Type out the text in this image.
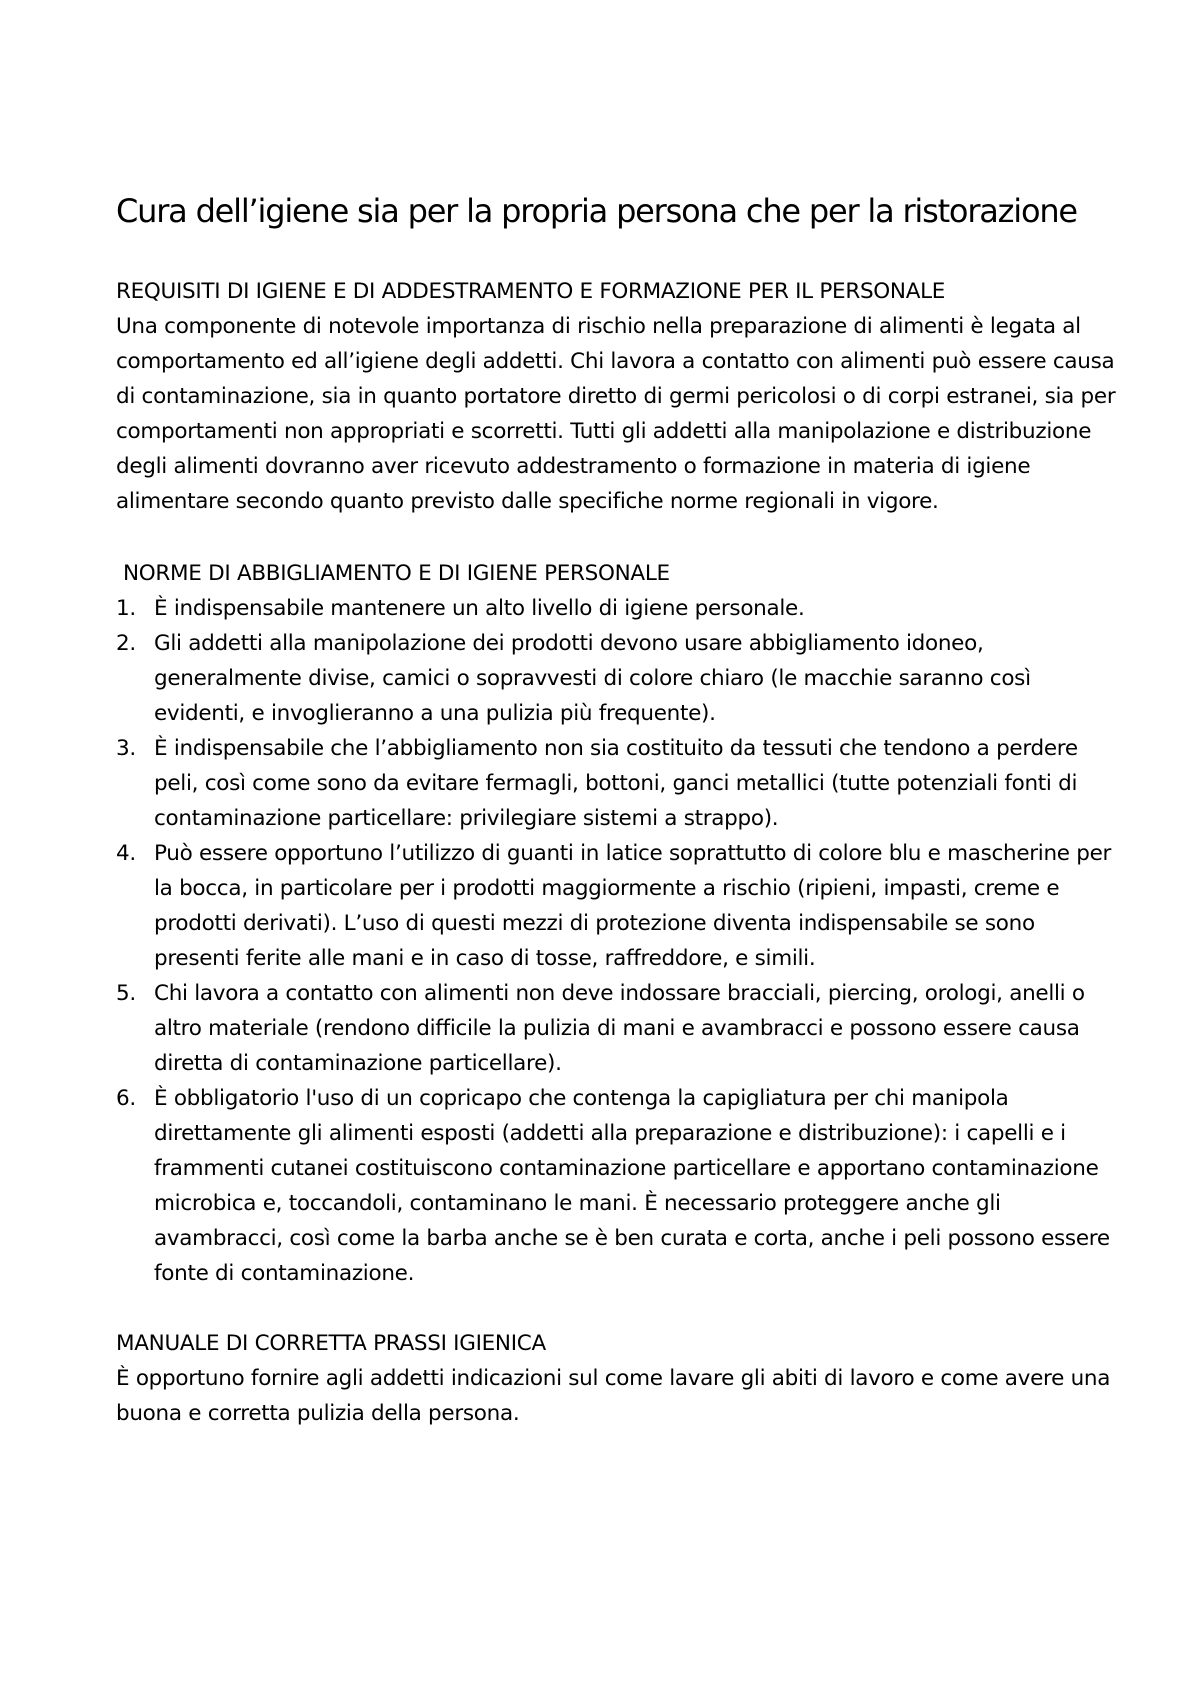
Cura dell’igiene sia per la propria persona che per la ristorazione
REQUISITI DI IGIENE E DI ADDESTRAMENTO E FORMAZIONE PER IL PERSONALE

Una componente di notevole importanza di rischio nella preparazione di alimenti è legata al comportamento ed all’igiene degli addetti. Chi lavora a contatto con alimenti può essere causa di contaminazione, sia in quanto portatore diretto di germi pericolosi o di corpi estranei, sia per comportamenti non appropriati e scorretti. Tutti gli addetti alla manipolazione e distribuzione degli alimenti dovranno aver ricevuto addestramento o formazione in materia di igiene alimentare secondo quanto previsto dalle specifiche norme regionali in vigore.

NORME DI ABBIGLIAMENTO E DI IGIENE PERSONALE
1. È indispensabile mantenere un alto livello di igiene personale.
2. Gli addetti alla manipolazione dei prodotti devono usare abbigliamento idoneo, generalmente divise, camici o sopravvesti di colore chiaro (le macchie saranno così evidenti, e invoglieranno a una pulizia più frequente).
3. È indispensabile che l’abbigliamento non sia costituito da tessuti che tendono a perdere peli, così come sono da evitare fermagli, bottoni, ganci metallici (tutte potenziali fonti di contaminazione particellare: privilegiare sistemi a strappo).
4. Può essere opportuno l’utilizzo di guanti in latice soprattutto di colore blu e mascherine per la bocca, in particolare per i prodotti maggiormente a rischio (ripieni, impasti, creme e prodotti derivati). L’uso di questi mezzi di protezione diventa indispensabile se sono presenti ferite alle mani e in caso di tosse, raffreddore, e simili.
5. Chi lavora a contatto con alimenti non deve indossare bracciali, piercing, orologi, anelli o altro materiale (rendono difficile la pulizia di mani e avambracci e possono essere causa diretta di contaminazione particellare).
6. È obbligatorio l'uso di un copricapo che contenga la capigliatura per chi manipola direttamente gli alimenti esposti (addetti alla preparazione e distribuzione): i capelli e i frammenti cutanei costituiscono contaminazione particellare e apportano contaminazione microbica e, toccandoli, contaminano le mani. È necessario proteggere anche gli avambracci, così come la barba anche se è ben curata e corta, anche i peli possono essere fonte di contaminazione.
MANUALE DI CORRETTA PRASSI IGIENICA

È opportuno fornire agli addetti indicazioni sul come lavare gli abiti di lavoro e come avere una buona e corretta pulizia della persona.
